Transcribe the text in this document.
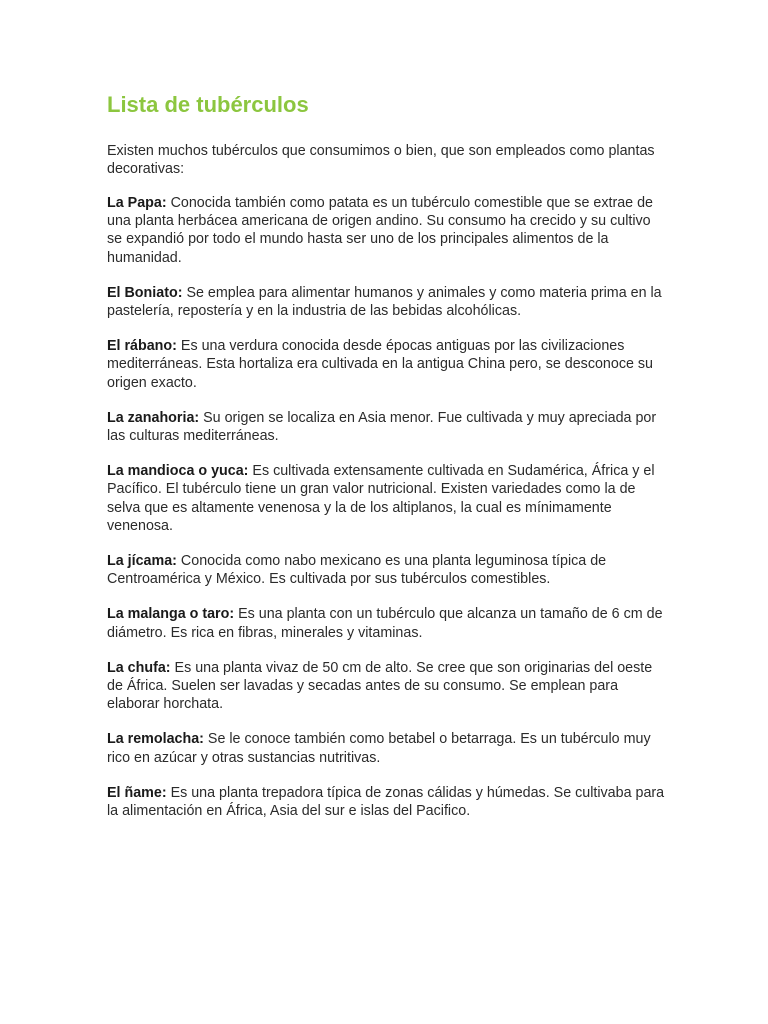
Lista de tubérculos

Existen muchos tubérculos que consumimos o bien, que son empleados como plantas decorativas:

La Papa: Conocida también como patata es un tubérculo comestible que se extrae de una planta herbácea americana de origen andino. Su consumo ha crecido y su cultivo se expandió por todo el mundo hasta ser uno de los principales alimentos de la humanidad.

El Boniato: Se emplea para alimentar humanos y animales y como materia prima en la pastelería, repostería y en la industria de las bebidas alcohólicas.

El rábano: Es una verdura conocida desde épocas antiguas por las civilizaciones mediterráneas. Esta hortaliza era cultivada en la antigua China pero, se desconoce su origen exacto.

La zanahoria: Su origen se localiza en Asia menor. Fue cultivada y muy apreciada por las culturas mediterráneas.

La mandioca o yuca: Es cultivada extensamente cultivada en Sudamérica, África y el Pacífico. El tubérculo tiene un gran valor nutricional. Existen variedades como la de selva que es altamente venenosa y la de los altiplanos, la cual es mínimamente venenosa.

La jícama: Conocida como nabo mexicano es una planta leguminosa típica de Centroamérica y México. Es cultivada por sus tubérculos comestibles.

La malanga o taro: Es una planta con un tubérculo que alcanza un tamaño de 6 cm de diámetro. Es rica en fibras, minerales y vitaminas.

La chufa: Es una planta vivaz de 50 cm de alto. Se cree que son originarias del oeste de África. Suelen ser lavadas y secadas antes de su consumo. Se emplean para elaborar horchata.

La remolacha: Se le conoce también como betabel o betarraga. Es un tubérculo muy rico en azúcar y otras sustancias nutritivas.

El ñame: Es una planta trepadora típica de zonas cálidas y húmedas. Se cultivaba para la alimentación en África, Asia del sur e islas del Pacifico.
